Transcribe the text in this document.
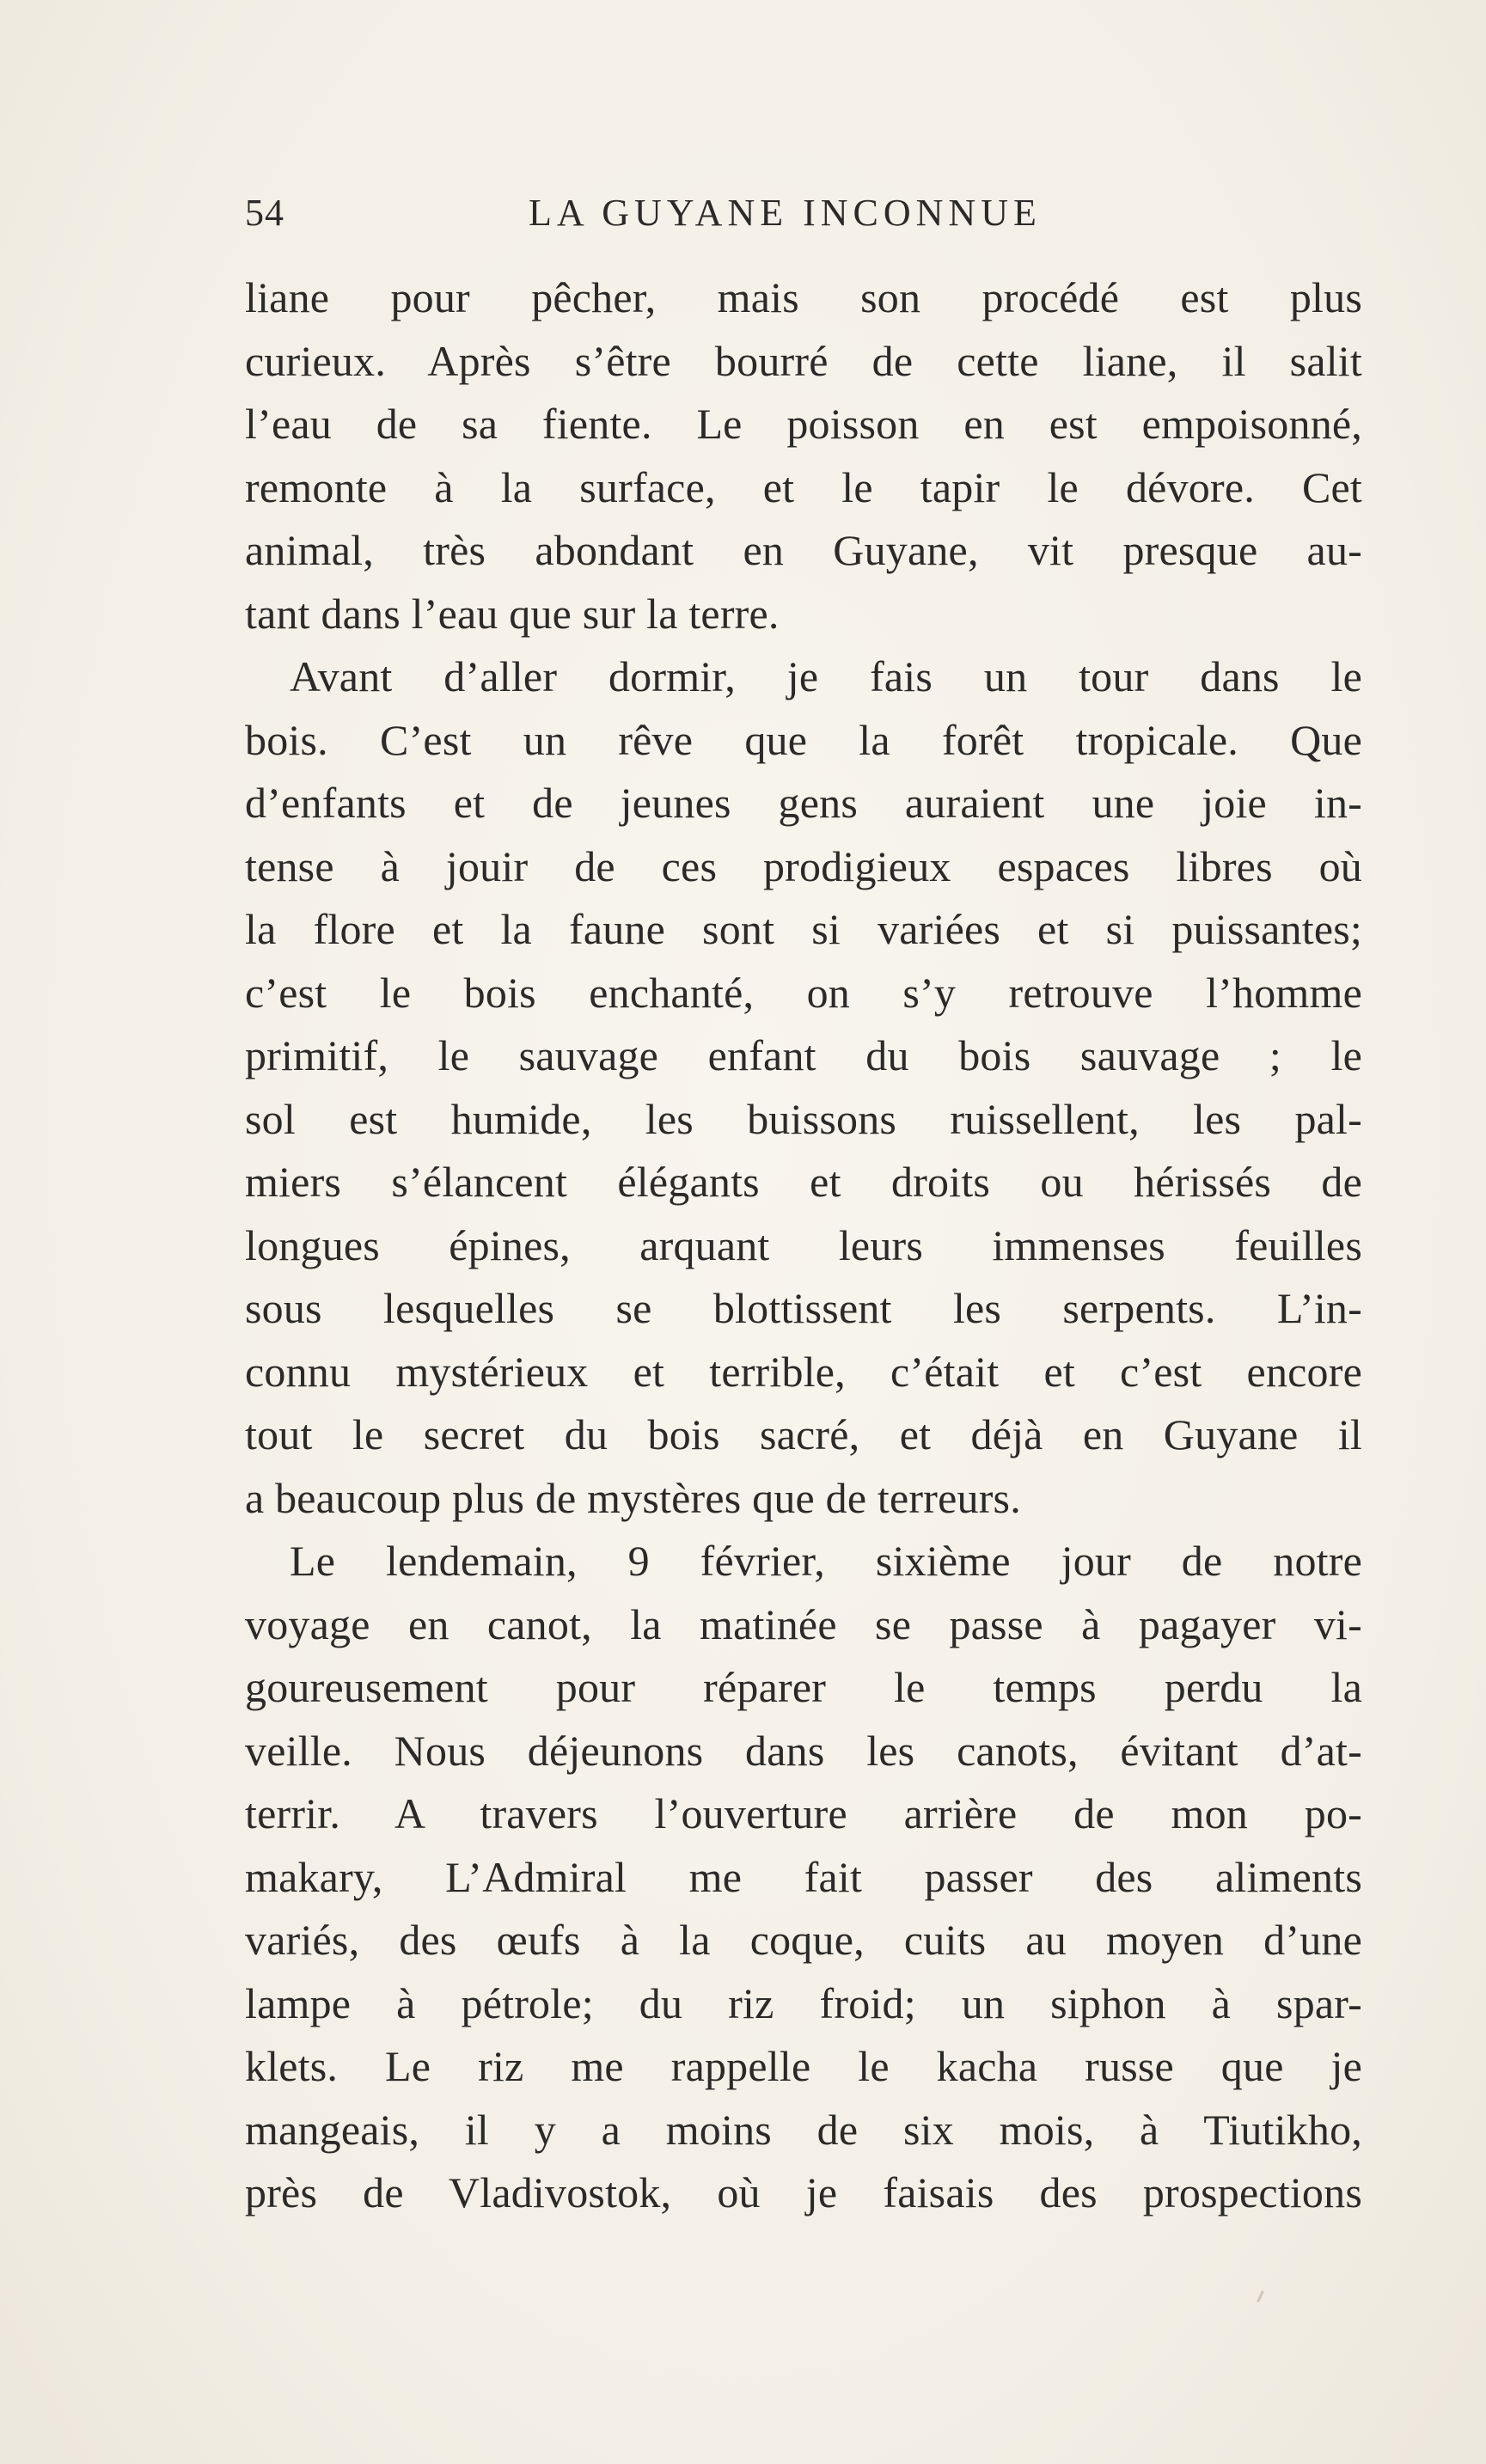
54	LA GUYANE INCONNUE
liane pour pêcher, mais son procédé est plus
curieux. Après s’être bourré de cette liane, il salit
l’eau de sa fiente. Le poisson en est empoisonné,
remonte à la surface, et le tapir le dévore. Cet
animal, très abondant en Guyane, vit presque au-
tant dans l’eau que sur la terre.
Avant d’aller dormir, je fais un tour dans le
bois. C’est un rêve que la forêt tropicale. Que
d’enfants et de jeunes gens auraient une joie in-
tense à jouir de ces prodigieux espaces libres où
la flore et la faune sont si variées et si puissantes;
c’est le bois enchanté, on s’y retrouve l’homme
primitif, le sauvage enfant du bois sauvage ; le
sol est humide, les buissons ruissellent, les pal-
miers s’élancent élégants et droits ou hérissés de
longues épines, arquant leurs immenses feuilles
sous lesquelles se blottissent les serpents. L’in-
connu mystérieux et terrible, c’était et c’est encore
tout le secret du bois sacré, et déjà en Guyane il
a beaucoup plus de mystères que de terreurs.
Le lendemain, 9 février, sixième jour de notre
voyage en canot, la matinée se passe à pagayer vi-
goureusement pour réparer le temps perdu la
veille. Nous déjeunons dans les canots, évitant d’at-
terrir. A travers l’ouverture arrière de mon po-
makary, L’Admiral me fait passer des aliments
variés, des œufs à la coque, cuits au moyen d’une
lampe à pétrole; du riz froid; un siphon à spar-
klets. Le riz me rappelle le kacha russe que je
mangeais, il y a moins de six mois, à Tiutikho,
près de Vladivostok, où je faisais des prospections
